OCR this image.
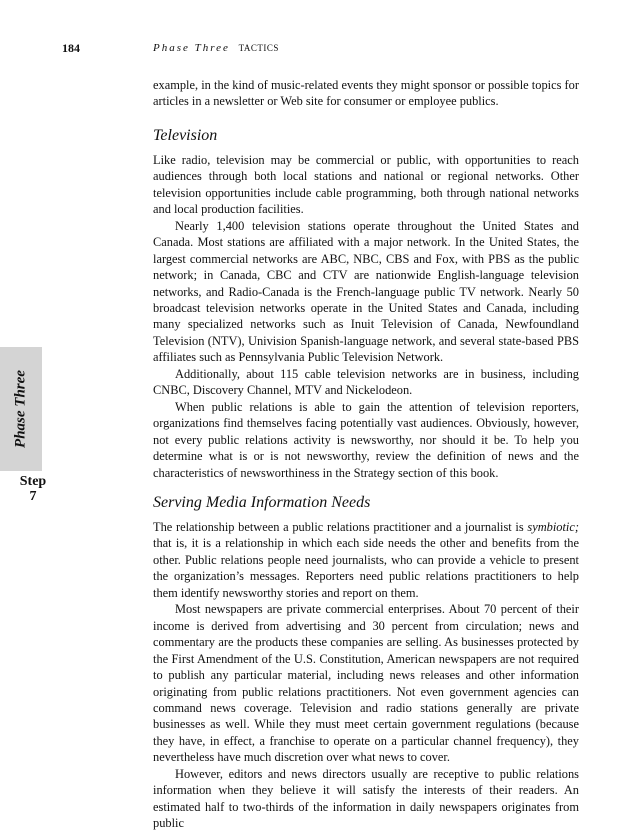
184	Phase Three TACTICS
Phase Three
Step
7

example, in the kind of music-related events they might sponsor or possible topics for articles in a newsletter or Web site for consumer or employee publics.

Television

Like radio, television may be commercial or public, with opportunities to reach audiences through both local stations and national or regional networks. Other television opportunities include cable programming, both through national networks and local production facilities.

Nearly 1,400 television stations operate throughout the United States and Canada. Most stations are affiliated with a major network. In the United States, the largest commercial networks are ABC, NBC, CBS and Fox, with PBS as the public network; in Canada, CBC and CTV are nationwide English-language television networks, and Radio-Canada is the French-language public TV network. Nearly 50 broadcast television networks operate in the United States and Canada, including many specialized networks such as Inuit Television of Canada, Newfoundland Television (NTV), Univision Spanish-language network, and several state-based PBS affiliates such as Pennsylvania Public Television Network.

Additionally, about 115 cable television networks are in business, including CNBC, Discovery Channel, MTV and Nickelodeon.

When public relations is able to gain the attention of television reporters, organizations find themselves facing potentially vast audiences. Obviously, however, not every public relations activity is newsworthy, nor should it be. To help you determine what is or is not newsworthy, review the definition of news and the characteristics of newsworthiness in the Strategy section of this book.

Serving Media Information Needs

The relationship between a public relations practitioner and a journalist is symbiotic; that is, it is a relationship in which each side needs the other and benefits from the other. Public relations people need journalists, who can provide a vehicle to present the organization’s messages. Reporters need public relations practitioners to help them identify newsworthy stories and report on them.

Most newspapers are private commercial enterprises. About 70 percent of their income is derived from advertising and 30 percent from circulation; news and commentary are the products these companies are selling. As businesses protected by the First Amendment of the U.S. Constitution, American newspapers are not required to publish any particular material, including news releases and other information originating from public relations practitioners. Not even government agencies can command news coverage. Television and radio stations generally are private businesses as well. While they must meet certain government regulations (because they have, in effect, a franchise to operate on a particular channel frequency), they nevertheless have much discretion over what news to cover.

However, editors and news directors usually are receptive to public relations information when they believe it will satisfy the interests of their readers. An estimated half to two-thirds of the information in daily newspapers originates from public
